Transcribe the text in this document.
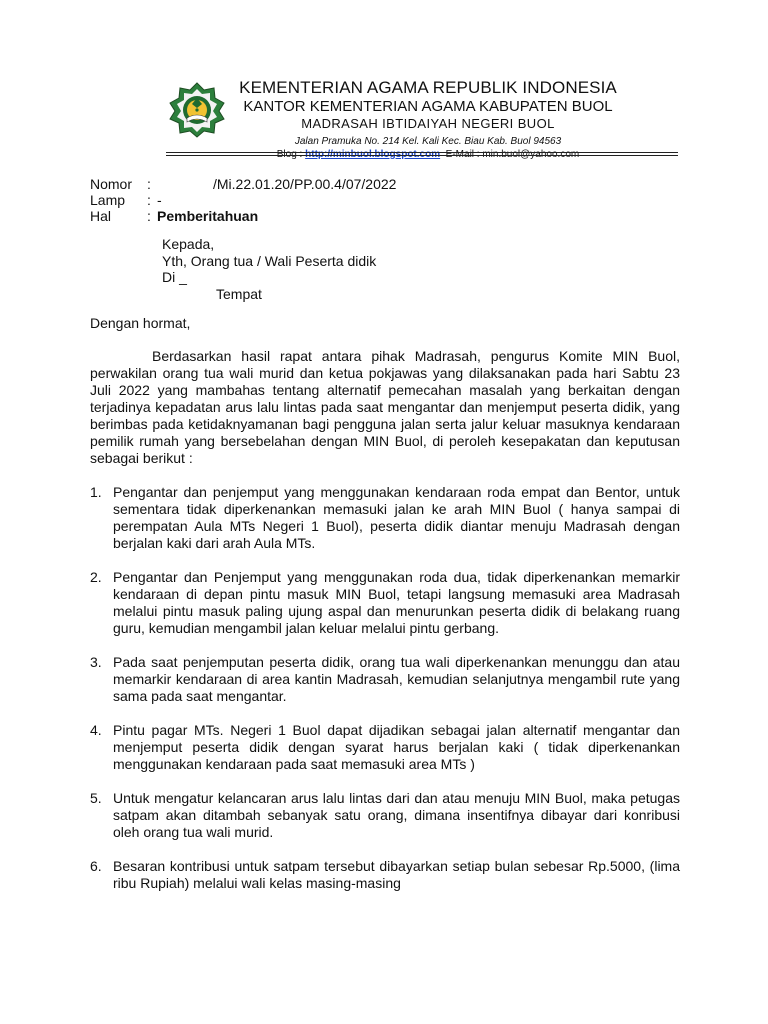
KEMENTERIAN AGAMA REPUBLIK INDONESIA
KANTOR KEMENTERIAN AGAMA KABUPATEN BUOL
MADRASAH IBTIDAIYAH NEGERI BUOL
Jalan Pramuka No. 214 Kel. Kali Kec. Biau Kab. Buol 94563
Blog : http://minbuol.blogspot.com E-Mail : min.buol@yahoo.com
Nomor	:	/Mi.22.01.20/PP.00.4/07/2022
Lamp	: -
Hal	: Pemberitahuan
Kepada,
Yth, Orang tua / Wali Peserta didik
Di _
Tempat
Dengan hormat,
Berdasarkan hasil rapat antara pihak Madrasah, pengurus Komite MIN Buol, perwakilan orang tua wali murid dan ketua pokjawas yang dilaksanakan pada hari Sabtu 23 Juli 2022 yang mambahas tentang alternatif pemecahan masalah yang berkaitan dengan terjadinya kepadatan arus lalu lintas pada saat mengantar dan menjemput peserta didik, yang berimbas pada ketidaknyamanan bagi pengguna jalan serta jalur keluar masuknya kendaraan pemilik rumah yang bersebelahan dengan MIN Buol, di peroleh kesepakatan dan keputusan sebagai berikut :
1. Pengantar dan penjemput yang menggunakan kendaraan roda empat dan Bentor, untuk sementara tidak diperkenankan memasuki jalan ke arah MIN Buol ( hanya sampai di perempatan Aula MTs Negeri 1 Buol), peserta didik diantar menuju Madrasah dengan berjalan kaki dari arah Aula MTs.
2. Pengantar dan Penjemput yang menggunakan roda dua, tidak diperkenankan memarkir kendaraan di depan pintu masuk MIN Buol, tetapi langsung memasuki area Madrasah melalui pintu masuk paling ujung aspal dan menurunkan peserta didik di belakang ruang guru, kemudian mengambil jalan keluar melalui pintu gerbang.
3. Pada saat penjemputan peserta didik, orang tua wali diperkenankan menunggu dan atau memarkir kendaraan di area kantin Madrasah, kemudian selanjutnya mengambil rute yang sama pada saat mengantar.
4. Pintu pagar MTs. Negeri 1 Buol dapat dijadikan sebagai jalan alternatif mengantar dan menjemput peserta didik dengan syarat harus berjalan kaki ( tidak diperkenankan menggunakan kendaraan pada saat memasuki area MTs )
5. Untuk mengatur kelancaran arus lalu lintas dari dan atau menuju MIN Buol, maka petugas satpam akan ditambah sebanyak satu orang, dimana insentifnya dibayar dari konribusi oleh orang tua wali murid.
6. Besaran kontribusi untuk satpam tersebut dibayarkan setiap bulan sebesar Rp.5000, (lima ribu Rupiah) melalui wali kelas masing-masing
